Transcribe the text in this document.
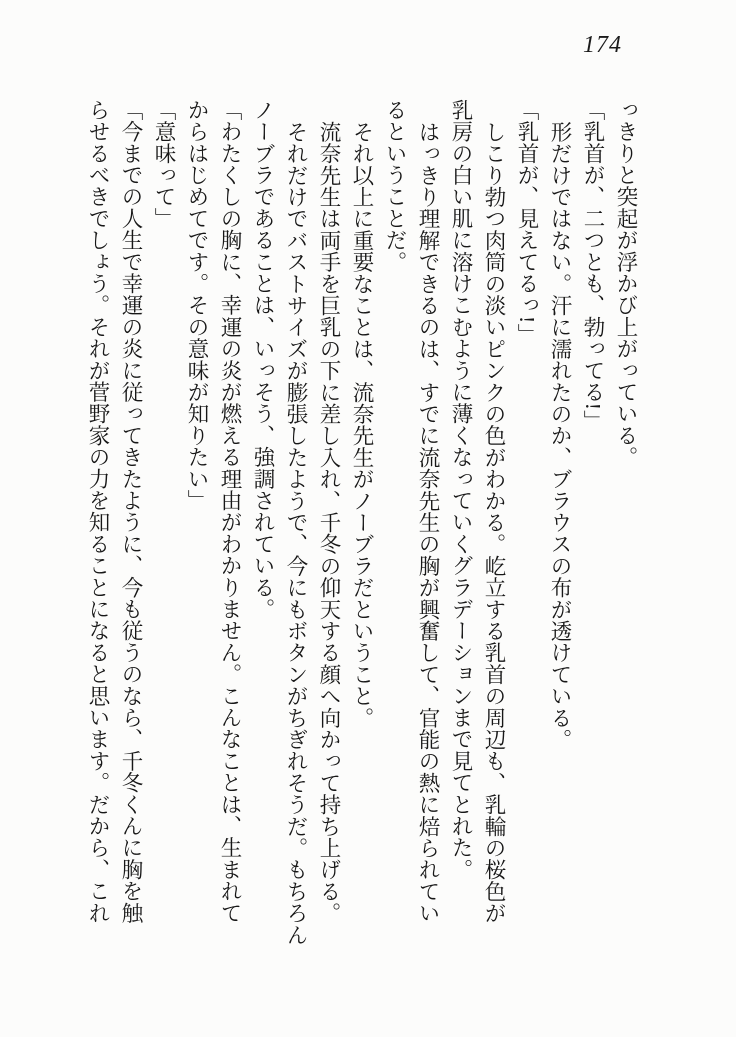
174

っきりと突起が浮かび上がっている。

「乳首が、二つとも、勃ってる!」

形だけではない。汗に濡れたのか、ブラウスの布が透けている。

「乳首が、見えてるっ!」

しこり勃つ肉筒の淡いピンクの色がわかる。屹立する乳首の周辺も、乳輪の桜色が

乳房の白い肌に溶けこむように薄くなっていくグラデーションまで見てとれた。

はっきり理解できるのは、すでに流奈先生の胸が興奮して、官能の熱に焙られてい

るということだ。

それ以上に重要なことは、流奈先生がノーブラだということ。

流奈先生は両手を巨乳の下に差し入れ、千冬の仰天する顔へ向かって持ち上げる。

それだけでバストサイズが膨張したようで、今にもボタンがちぎれそうだ。もちろん

ノーブラであることは、いっそう、強調されている。

「わたくしの胸に、幸運の炎が燃える理由がわかりません。こんなことは、生まれて

からはじめてです。その意味が知りたい」

「意味って」

「今までの人生で幸運の炎に従ってきたように、今も従うのなら、千冬くんに胸を触

らせるべきでしょう。それが菅野家の力を知ることになると思います。だから、これ
